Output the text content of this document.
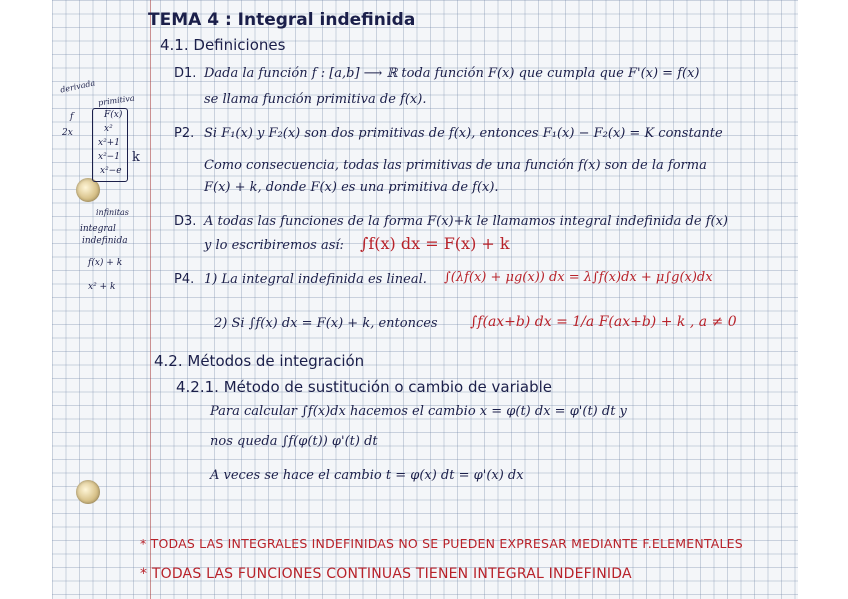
derivada
primitiva
f	F(x)
2x	x²
x²+1
x²−1
x²−e
k
infinitas
integral
indefinida
f(x) + k
x² + k
TEMA 4 : Integral indefinida
4.1. Definiciones
D1. Dada la función f : [a,b] ⟶ ℝ toda función F(x) que cumpla que F'(x) = f(x)
se llama función primitiva de f(x).
P2. Si F₁(x) y F₂(x) son dos primitivas de f(x), entonces F₁(x) − F₂(x) = K constante
Como consecuencia, todas las primitivas de una función f(x) son de la forma
F(x) + k, donde F(x) es una primitiva de f(x).
D3. A todas las funciones de la forma F(x)+k le llamamos integral indefinida de f(x)
y lo escribiremos así: ∫f(x) dx = F(x) + k
P4. 1) La integral indefinida es lineal. ∫(λf(x) + μg(x)) dx = λ∫f(x)dx + μ∫g(x)dx
2) Si ∫f(x) dx = F(x) + k, entonces ∫f(ax+b) dx = 1/a F(ax+b) + k , a ≠ 0
4.2. Métodos de integración
4.2.1. Método de sustitución o cambio de variable
Para calcular ∫f(x)dx hacemos el cambio x = φ(t) dx = φ'(t) dt y
nos queda ∫f(φ(t)) φ'(t) dt
A veces se hace el cambio t = φ(x) dt = φ'(x) dx
* TODAS LAS INTEGRALES INDEFINIDAS NO SE PUEDEN EXPRESAR MEDIANTE F.ELEMENTALES
* TODAS LAS FUNCIONES CONTINUAS TIENEN INTEGRAL INDEFINIDA
